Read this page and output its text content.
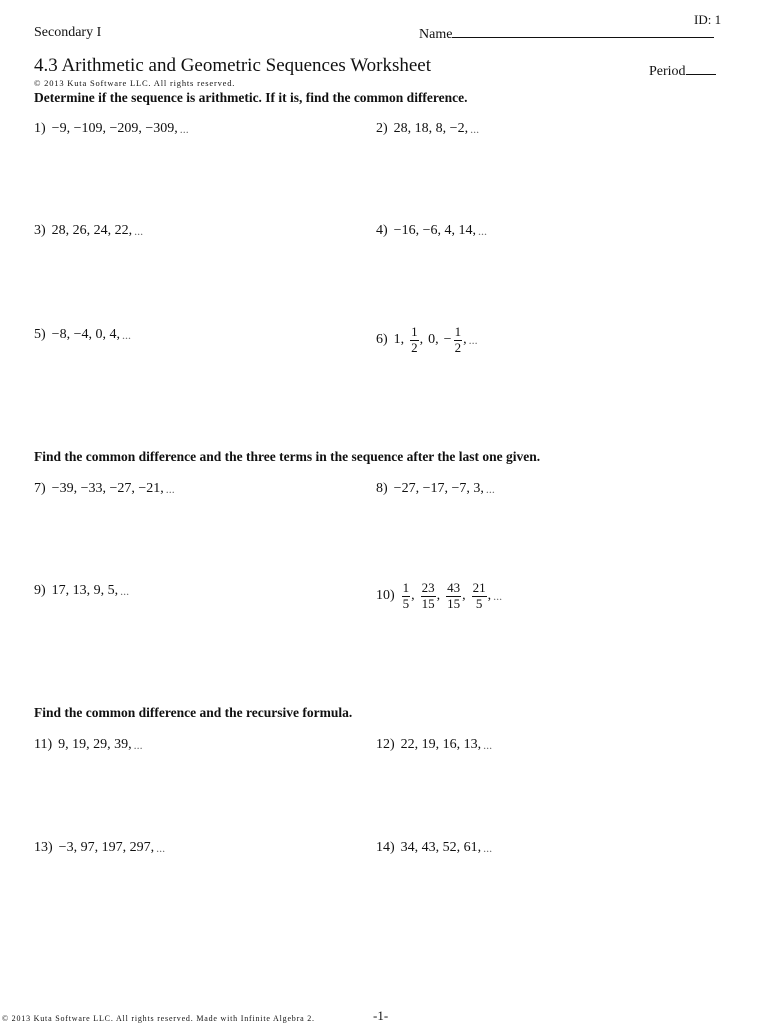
ID: 1
Secondary I	Name
4.3 Arithmetic and Geometric Sequences Worksheet	Period
© 2013 Kuta Software LLC. All rights reserved.
Determine if the sequence is arithmetic. If it is, find the common difference.
1) −9, −109, −209, −309, ...	2) 28, 18, 8, −2, ...
3) 28, 26, 24, 22, ...	4) −16, −6, 4, 14, ...
5) −8, −4, 0, 4, ...	6) 1, $\frac{1}{2}$ , 0, − $\frac{1}{2}$ , ...
Find the common difference and the three terms in the sequence after the last one given.
7) −39, −33, −27, −21, ...	8) −27, −17, −7, 3, ...
9) 17, 13, 9, 5, ...	$10) \frac{1}{5}$ , $\frac{23}{15}$ , $\frac{43}{15}$ , $\frac{21}{5}$ , ...
Find the common difference and the recursive formula.
11) 9, 19, 29, 39, ...	12) 22, 19, 16, 13, ...
13) −3, 97, 197, 297, ...	14) 34, 43, 52, 61, ...
© 2013 Kuta Software LLC. All rights reserved. Made with Infinite Algebra 2.	-1-
